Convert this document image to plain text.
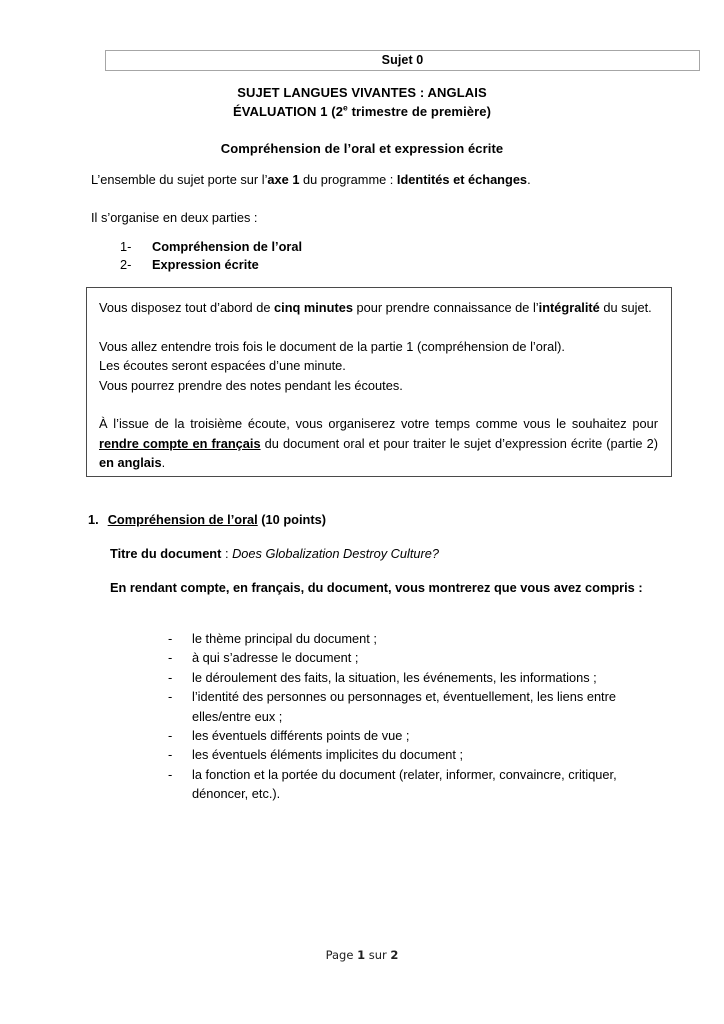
Sujet 0
SUJET LANGUES VIVANTES : ANGLAIS
ÉVALUATION 1 (2e trimestre de première)
Compréhension de l’oral et expression écrite

L’ensemble du sujet porte sur l’axe 1 du programme : Identités et échanges.

Il s’organise en deux parties :

1-	Compréhension de l’oral
2-	Expression écrite

Vous disposez tout d’abord de cinq minutes pour prendre connaissance de l’intégralité du sujet.

Vous allez entendre trois fois le document de la partie 1 (compréhension de l’oral).

Les écoutes seront espacées d’une minute.

Vous pourrez prendre des notes pendant les écoutes.

À l’issue de la troisième écoute, vous organiserez votre temps comme vous le souhaitez pour rendre compte en français du document oral et pour traiter le sujet d’expression écrite (partie 2) en anglais.

1. Compréhension de l’oral (10 points)
Titre du document : Does Globalization Destroy Culture?
En rendant compte, en français, du document, vous montrerez que vous avez compris :
-	le thème principal du document ;
-	à qui s’adresse le document ;
-	le déroulement des faits, la situation, les événements, les informations ;
-	l’identité des personnes ou personnages et, éventuellement, les liens entre elles/entre eux ;
-	les éventuels différents points de vue ;
-	les éventuels éléments implicites du document ;
-	la fonction et la portée du document (relater, informer, convaincre, critiquer, dénoncer, etc.).
Page 1 sur 2
